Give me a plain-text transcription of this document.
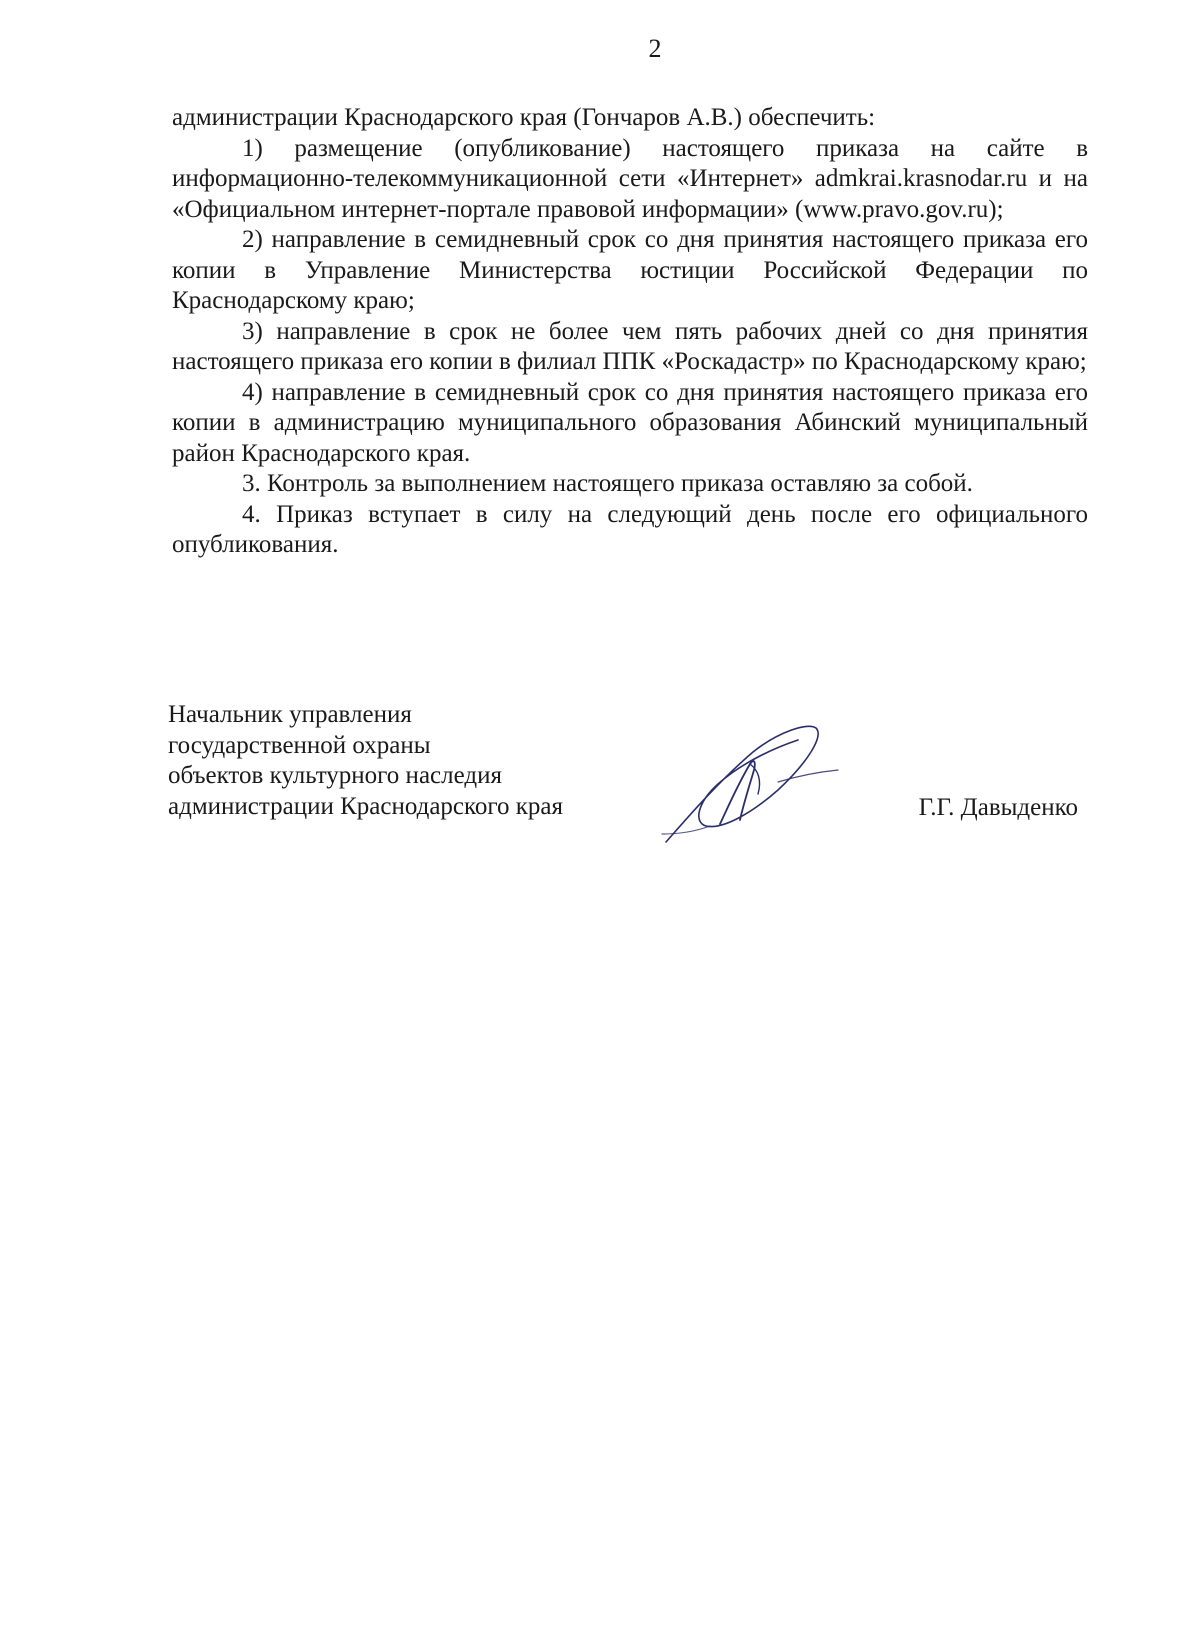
2

администрации Краснодарского края (Гончаров А.В.) обеспечить:

1) размещение (опубликование) настоящего приказа на сайте в информационно-телекоммуникационной сети «Интернет» admkrai.krasnodar.ru и на «Официальном интернет-портале правовой информации» (www.pravo.gov.ru);

2) направление в семидневный срок со дня принятия настоящего приказа его копии в Управление Министерства юстиции Российской Федерации по Краснодарскому краю;

3) направление в срок не более чем пять рабочих дней со дня принятия настоящего приказа его копии в филиал ППК «Роскадастр» по Краснодарскому краю;

4) направление в семидневный срок со дня принятия настоящего приказа его копии в администрацию муниципального образования Абинский муниципальный район Краснодарского края.

3. Контроль за выполнением настоящего приказа оставляю за собой.

4. Приказ вступает в силу на следующий день после его официального опубликования.

Начальник управления
государственной охраны
объектов культурного наследия
администрации Краснодарского края	Г.Г. Давыденко
